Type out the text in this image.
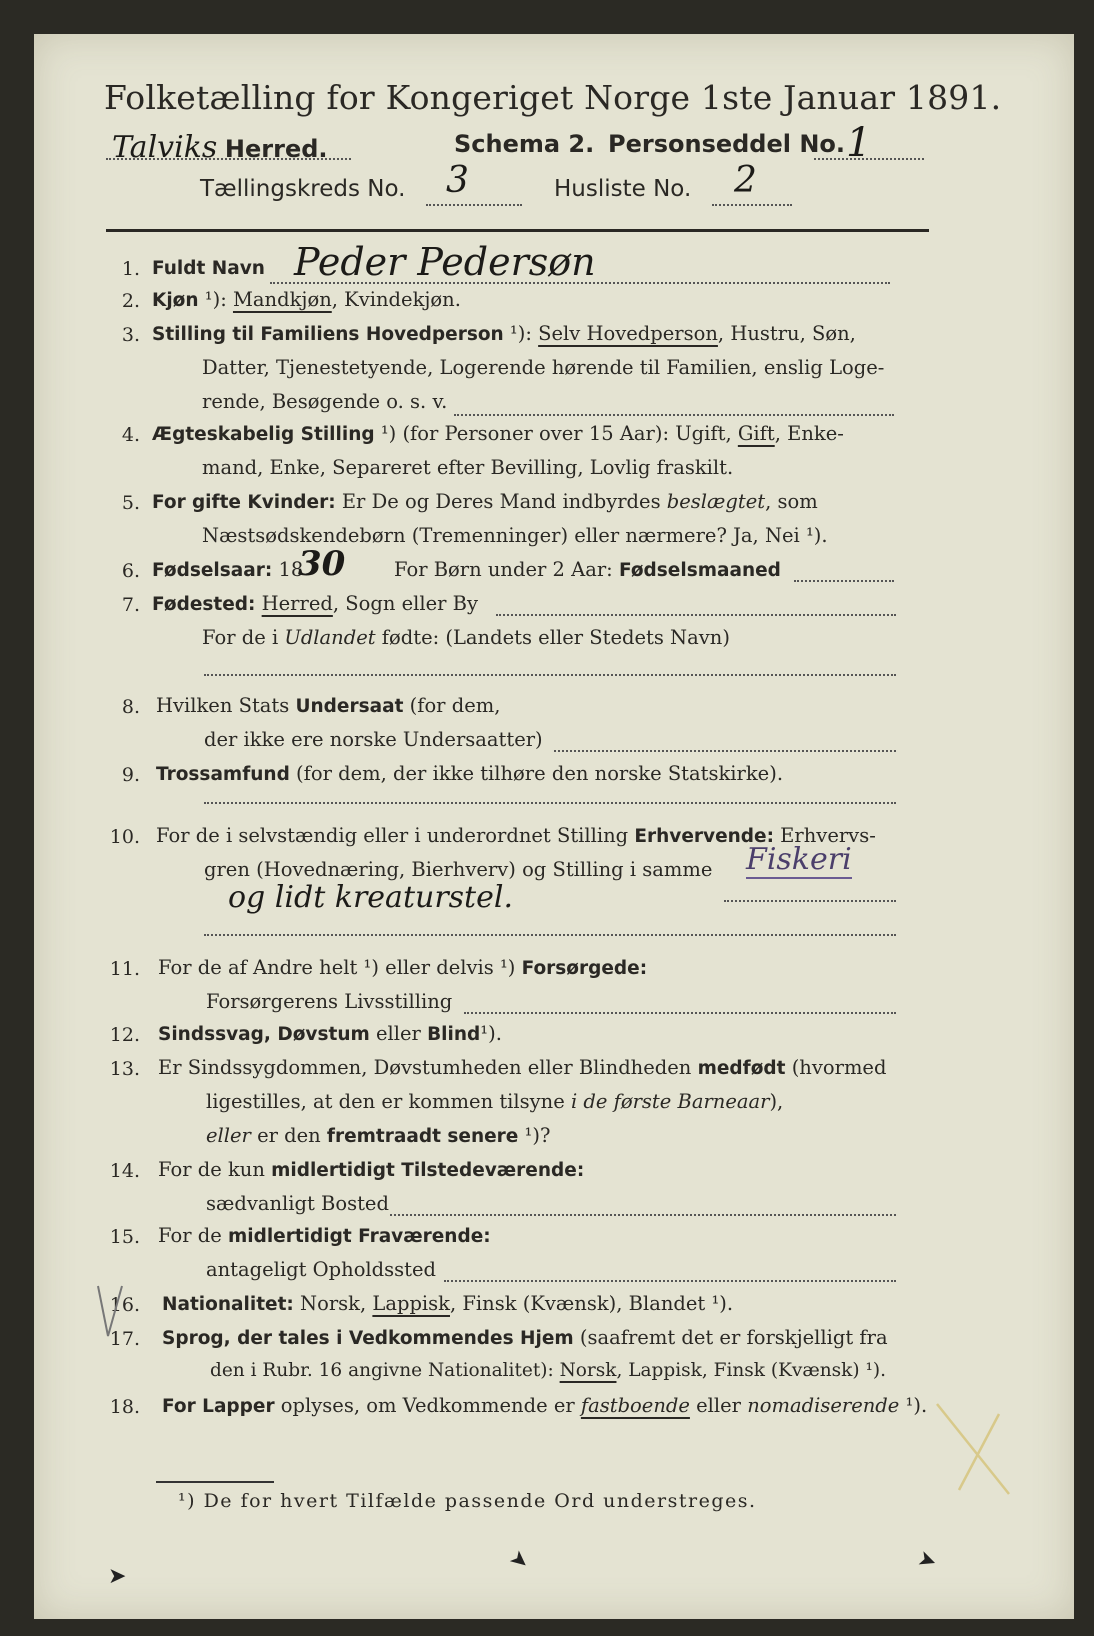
Folketælling for Kongeriget Norge 1ste Januar 1891.
Talviks Herred.	Schema 2. Personseddel No. 1
Tællingskreds No. 3	Husliste No. 2
1. Fuldt Navn Peder Pedersøn
2. Kjøn ¹): Mandkjøn, Kvindekjøn.
3. Stilling til Familiens Hovedperson ¹): Selv Hovedperson, Hustru, Søn,
Datter, Tjenestetyende, Logerende hørende til Familien, enslig Loge-
rende, Besøgende o. s. v.
4. Ægteskabelig Stilling ¹) (for Personer over 15 Aar): Ugift, Gift, Enke-
mand, Enke, Separeret efter Bevilling, Lovlig fraskilt.
5. For gifte Kvinder: Er De og Deres Mand indbyrdes beslægtet, som
Næstsødskendebørn (Tremenninger) eller nærmere? Ja, Nei ¹).
6. Fødselsaar: 18
30 For Børn under 2 Aar: Fødselsmaaned
7. Fødested: Herred, Sogn eller By
For de i Udlandet fødte: (Landets eller Stedets Navn)
8. Hvilken Stats Undersaat (for dem,
der ikke ere norske Undersaatter)
9. Trossamfund (for dem, der ikke tilhøre den norske Statskirke).
10. For de i selvstændig eller i underordnet Stilling Erhvervende: Erhvervs-
gren (Hovednæring, Bierhverv) og Stilling i samme Fiskeri
og lidt kreaturstel.
11. For de af Andre helt ¹) eller delvis ¹) Forsørgede:
Forsørgerens Livsstilling
12. Sindssvag, Døvstum eller Blind¹).
13. Er Sindssygdommen, Døvstumheden eller Blindheden medfødt (hvormed
ligestilles, at den er kommen tilsyne i de første Barneaar),
eller er den fremtraadt senere ¹)?
14. For de kun midlertidigt Tilstedeværende:
sædvanligt Bosted
15. For de midlertidigt Fraværende:
antageligt Opholdssted
16. Nationalitet: Norsk, Lappisk, Finsk (Kvænsk), Blandet ¹).
17. Sprog, der tales i Vedkommendes Hjem (saafremt det er forskjelligt fra
den i Rubr. 16 angivne Nationalitet): Norsk, Lappisk, Finsk (Kvænsk) ¹).
18. For Lapper oplyses, om Vedkommende er fastboende eller nomadiserende ¹).
¹) De for hvert Tilfælde passende Ord understreges.
➤
➤	➤
